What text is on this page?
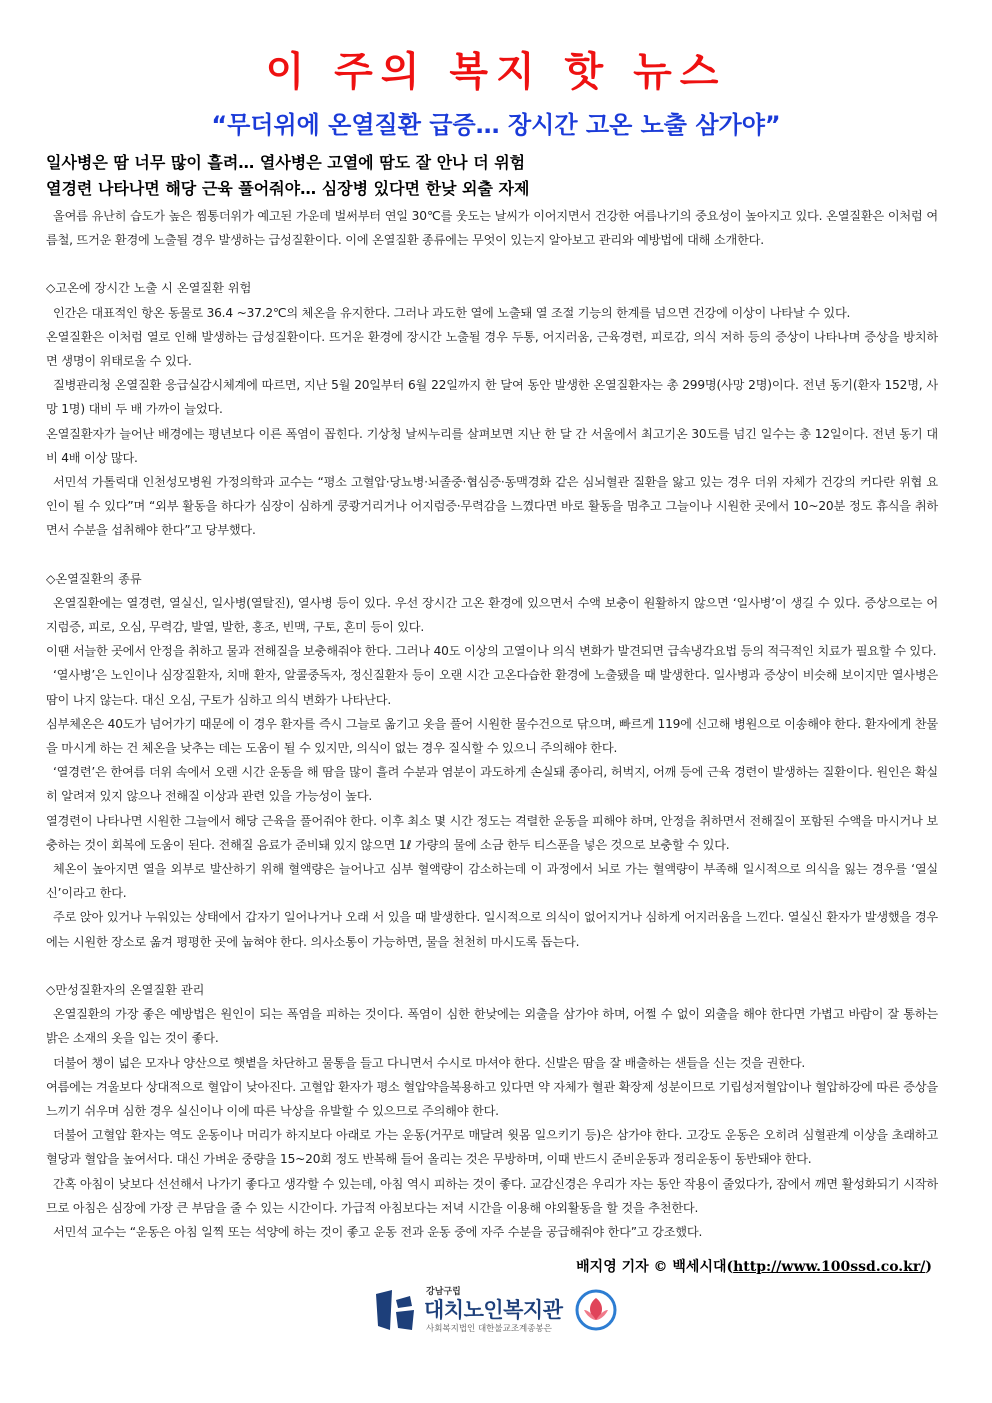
이 주의 복지 핫 뉴스
“무더위에 온열질환 급증… 장시간 고온 노출 삼가야”

일사병은 땀 너무 많이 흘려… 열사병은 고열에 땀도 잘 안나 더 위험

열경련 나타나면 해당 근육 풀어줘야… 심장병 있다면 한낮 외출 자제

올여름 유난히 습도가 높은 찜통더위가 예고된 가운데 벌써부터 연일 30℃를 웃도는 날씨가 이어지면서 건강한 여름나기의 중요성이 높아지고 있다. 온열질환은 이처럼 여름철, 뜨거운 환경에 노출될 경우 발생하는 급성질환이다. 이에 온열질환 종류에는 무엇이 있는지 알아보고 관리와 예방법에 대해 소개한다.

◇고온에 장시간 노출 시 온열질환 위험

인간은 대표적인 항온 동물로 36.4 ~37.2℃의 체온을 유지한다. 그러나 과도한 열에 노출돼 열 조절 기능의 한계를 넘으면 건강에 이상이 나타날 수 있다.

온열질환은 이처럼 열로 인해 발생하는 급성질환이다. 뜨거운 환경에 장시간 노출될 경우 두통, 어지러움, 근육경련, 피로감, 의식 저하 등의 증상이 나타나며 증상을 방치하면 생명이 위태로울 수 있다.

질병관리청 온열질환 응급실감시체계에 따르면, 지난 5월 20일부터 6월 22일까지 한 달여 동안 발생한 온열질환자는 총 299명(사망 2명)이다. 전년 동기(환자 152명, 사망 1명) 대비 두 배 가까이 늘었다.

온열질환자가 늘어난 배경에는 평년보다 이른 폭염이 꼽힌다. 기상청 날씨누리를 살펴보면 지난 한 달 간 서울에서 최고기온 30도를 넘긴 일수는 총 12일이다. 전년 동기 대비 4배 이상 많다.

서민석 가톨릭대 인천성모병원 가정의학과 교수는 “평소 고혈압·당뇨병·뇌졸중·협심증·동맥경화 같은 심뇌혈관 질환을 앓고 있는 경우 더위 자체가 건강의 커다란 위협 요인이 될 수 있다”며 “외부 활동을 하다가 심장이 심하게 쿵쾅거리거나 어지럼증·무력감을 느꼈다면 바로 활동을 멈추고 그늘이나 시원한 곳에서 10~20분 정도 휴식을 취하면서 수분을 섭취해야 한다”고 당부했다.

◇온열질환의 종류

온열질환에는 열경련, 열실신, 일사병(열탈진), 열사병 등이 있다. 우선 장시간 고온 환경에 있으면서 수액 보충이 원활하지 않으면 ‘일사병’이 생길 수 있다. 증상으로는 어지럼증, 피로, 오심, 무력감, 발열, 발한, 홍조, 빈맥, 구토, 혼미 등이 있다.

이땐 서늘한 곳에서 안정을 취하고 물과 전해질을 보충해줘야 한다. 그러나 40도 이상의 고열이나 의식 변화가 발견되면 급속냉각요법 등의 적극적인 치료가 필요할 수 있다.

‘열사병’은 노인이나 심장질환자, 치매 환자, 알콜중독자, 정신질환자 등이 오랜 시간 고온다습한 환경에 노출됐을 때 발생한다. 일사병과 증상이 비슷해 보이지만 열사병은 땀이 나지 않는다. 대신 오심, 구토가 심하고 의식 변화가 나타난다.

심부체온은 40도가 넘어가기 때문에 이 경우 환자를 즉시 그늘로 옮기고 옷을 풀어 시원한 물수건으로 닦으며, 빠르게 119에 신고해 병원으로 이송해야 한다. 환자에게 찬물을 마시게 하는 건 체온을 낮추는 데는 도움이 될 수 있지만, 의식이 없는 경우 질식할 수 있으니 주의해야 한다.

‘열경련’은 한여름 더위 속에서 오랜 시간 운동을 해 땀을 많이 흘려 수분과 염분이 과도하게 손실돼 종아리, 허벅지, 어깨 등에 근육 경련이 발생하는 질환이다. 원인은 확실히 알려져 있지 않으나 전해질 이상과 관련 있을 가능성이 높다.

열경련이 나타나면 시원한 그늘에서 해당 근육을 풀어줘야 한다. 이후 최소 몇 시간 정도는 격렬한 운동을 피해야 하며, 안정을 취하면서 전해질이 포함된 수액을 마시거나 보충하는 것이 회복에 도움이 된다. 전해질 음료가 준비돼 있지 않으면 1ℓ 가량의 물에 소금 한두 티스푼을 넣은 것으로 보충할 수 있다.

체온이 높아지면 열을 외부로 발산하기 위해 혈액량은 늘어나고 심부 혈액량이 감소하는데 이 과정에서 뇌로 가는 혈액량이 부족해 일시적으로 의식을 잃는 경우를 ‘열실신’이라고 한다.

주로 앉아 있거나 누워있는 상태에서 갑자기 일어나거나 오래 서 있을 때 발생한다. 일시적으로 의식이 없어지거나 심하게 어지러움을 느낀다. 열실신 환자가 발생했을 경우에는 시원한 장소로 옮겨 평평한 곳에 눕혀야 한다. 의사소통이 가능하면, 물을 천천히 마시도록 돕는다.

◇만성질환자의 온열질환 관리

온열질환의 가장 좋은 예방법은 원인이 되는 폭염을 피하는 것이다. 폭염이 심한 한낮에는 외출을 삼가야 하며, 어쩔 수 없이 외출을 해야 한다면 가볍고 바람이 잘 통하는 밝은 소재의 옷을 입는 것이 좋다.

더불어 챙이 넓은 모자나 양산으로 햇볕을 차단하고 물통을 들고 다니면서 수시로 마셔야 한다. 신발은 땀을 잘 배출하는 샌들을 신는 것을 권한다.

여름에는 겨울보다 상대적으로 혈압이 낮아진다. 고혈압 환자가 평소 혈압약을복용하고 있다면 약 자체가 혈관 확장제 성분이므로 기립성저혈압이나 혈압하강에 따른 증상을 느끼기 쉬우며 심한 경우 실신이나 이에 따른 낙상을 유발할 수 있으므로 주의해야 한다.

더불어 고혈압 환자는 역도 운동이나 머리가 하지보다 아래로 가는 운동(거꾸로 매달려 윗몸 일으키기 등)은 삼가야 한다. 고강도 운동은 오히려 심혈관계 이상을 초래하고 혈당과 혈압을 높여서다. 대신 가벼운 중량을 15~20회 정도 반복해 들어 올리는 것은 무방하며, 이때 반드시 준비운동과 정리운동이 동반돼야 한다.

간혹 아침이 낮보다 선선해서 나가기 좋다고 생각할 수 있는데, 아침 역시 피하는 것이 좋다. 교감신경은 우리가 자는 동안 작용이 줄었다가, 잠에서 깨면 활성화되기 시작하므로 아침은 심장에 가장 큰 부담을 줄 수 있는 시간이다. 가급적 아침보다는 저녁 시간을 이용해 야외활동을 할 것을 추천한다.

서민석 교수는 “운동은 아침 일찍 또는 석양에 하는 것이 좋고 운동 전과 운동 중에 자주 수분을 공급해줘야 한다”고 강조했다.

배지영 기자 © 백세시대(http://www.100ssd.co.kr/)
강남구립
대치노인복지관
사회복지법인 대한불교조계종봉은
